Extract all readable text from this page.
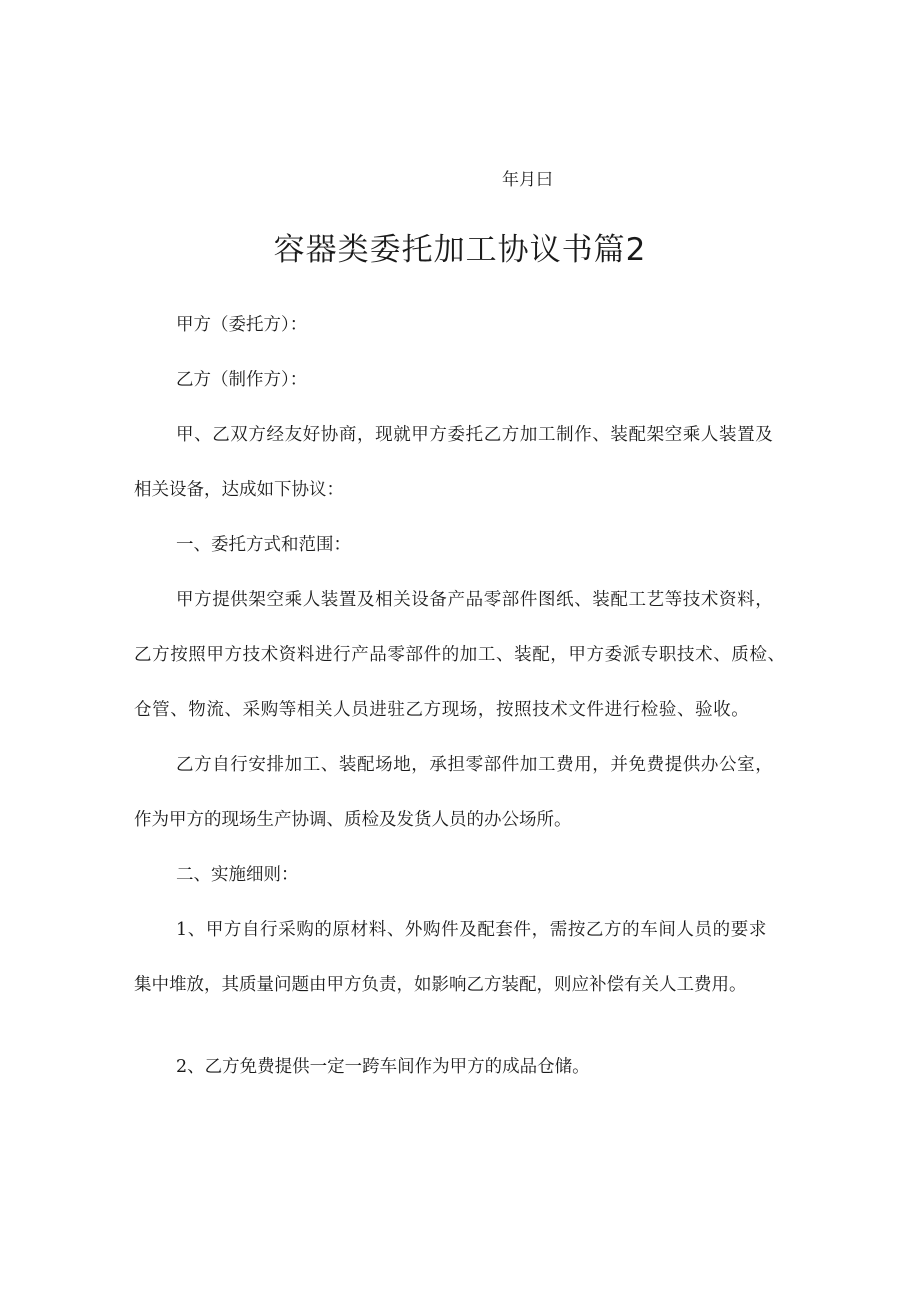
年月曰
容器类委托加工协议书篇2
甲方（委托方）：
乙方（制作方）：
甲、乙双方经友好协商，现就甲方委托乙方加工制作、装配架空乘人装置及
相关设备，达成如下协议：
一、委托方式和范围：
甲方提供架空乘人装置及相关设备产品零部件图纸、装配工艺等技术资料，
乙方按照甲方技术资料进行产品零部件的加工、装配，甲方委派专职技术、质检、
仓管、物流、采购等相关人员进驻乙方现场，按照技术文件进行检验、验收。
乙方自行安排加工、装配场地，承担零部件加工费用，并免费提供办公室，
作为甲方的现场生产协调、质检及发货人员的办公场所。
二、实施细则：
1、甲方自行采购的原材料、外购件及配套件，需按乙方的车间人员的要求
集中堆放，其质量问题由甲方负责，如影响乙方装配，则应补偿有关人工费用。
2、乙方免费提供一定一跨车间作为甲方的成品仓储。
